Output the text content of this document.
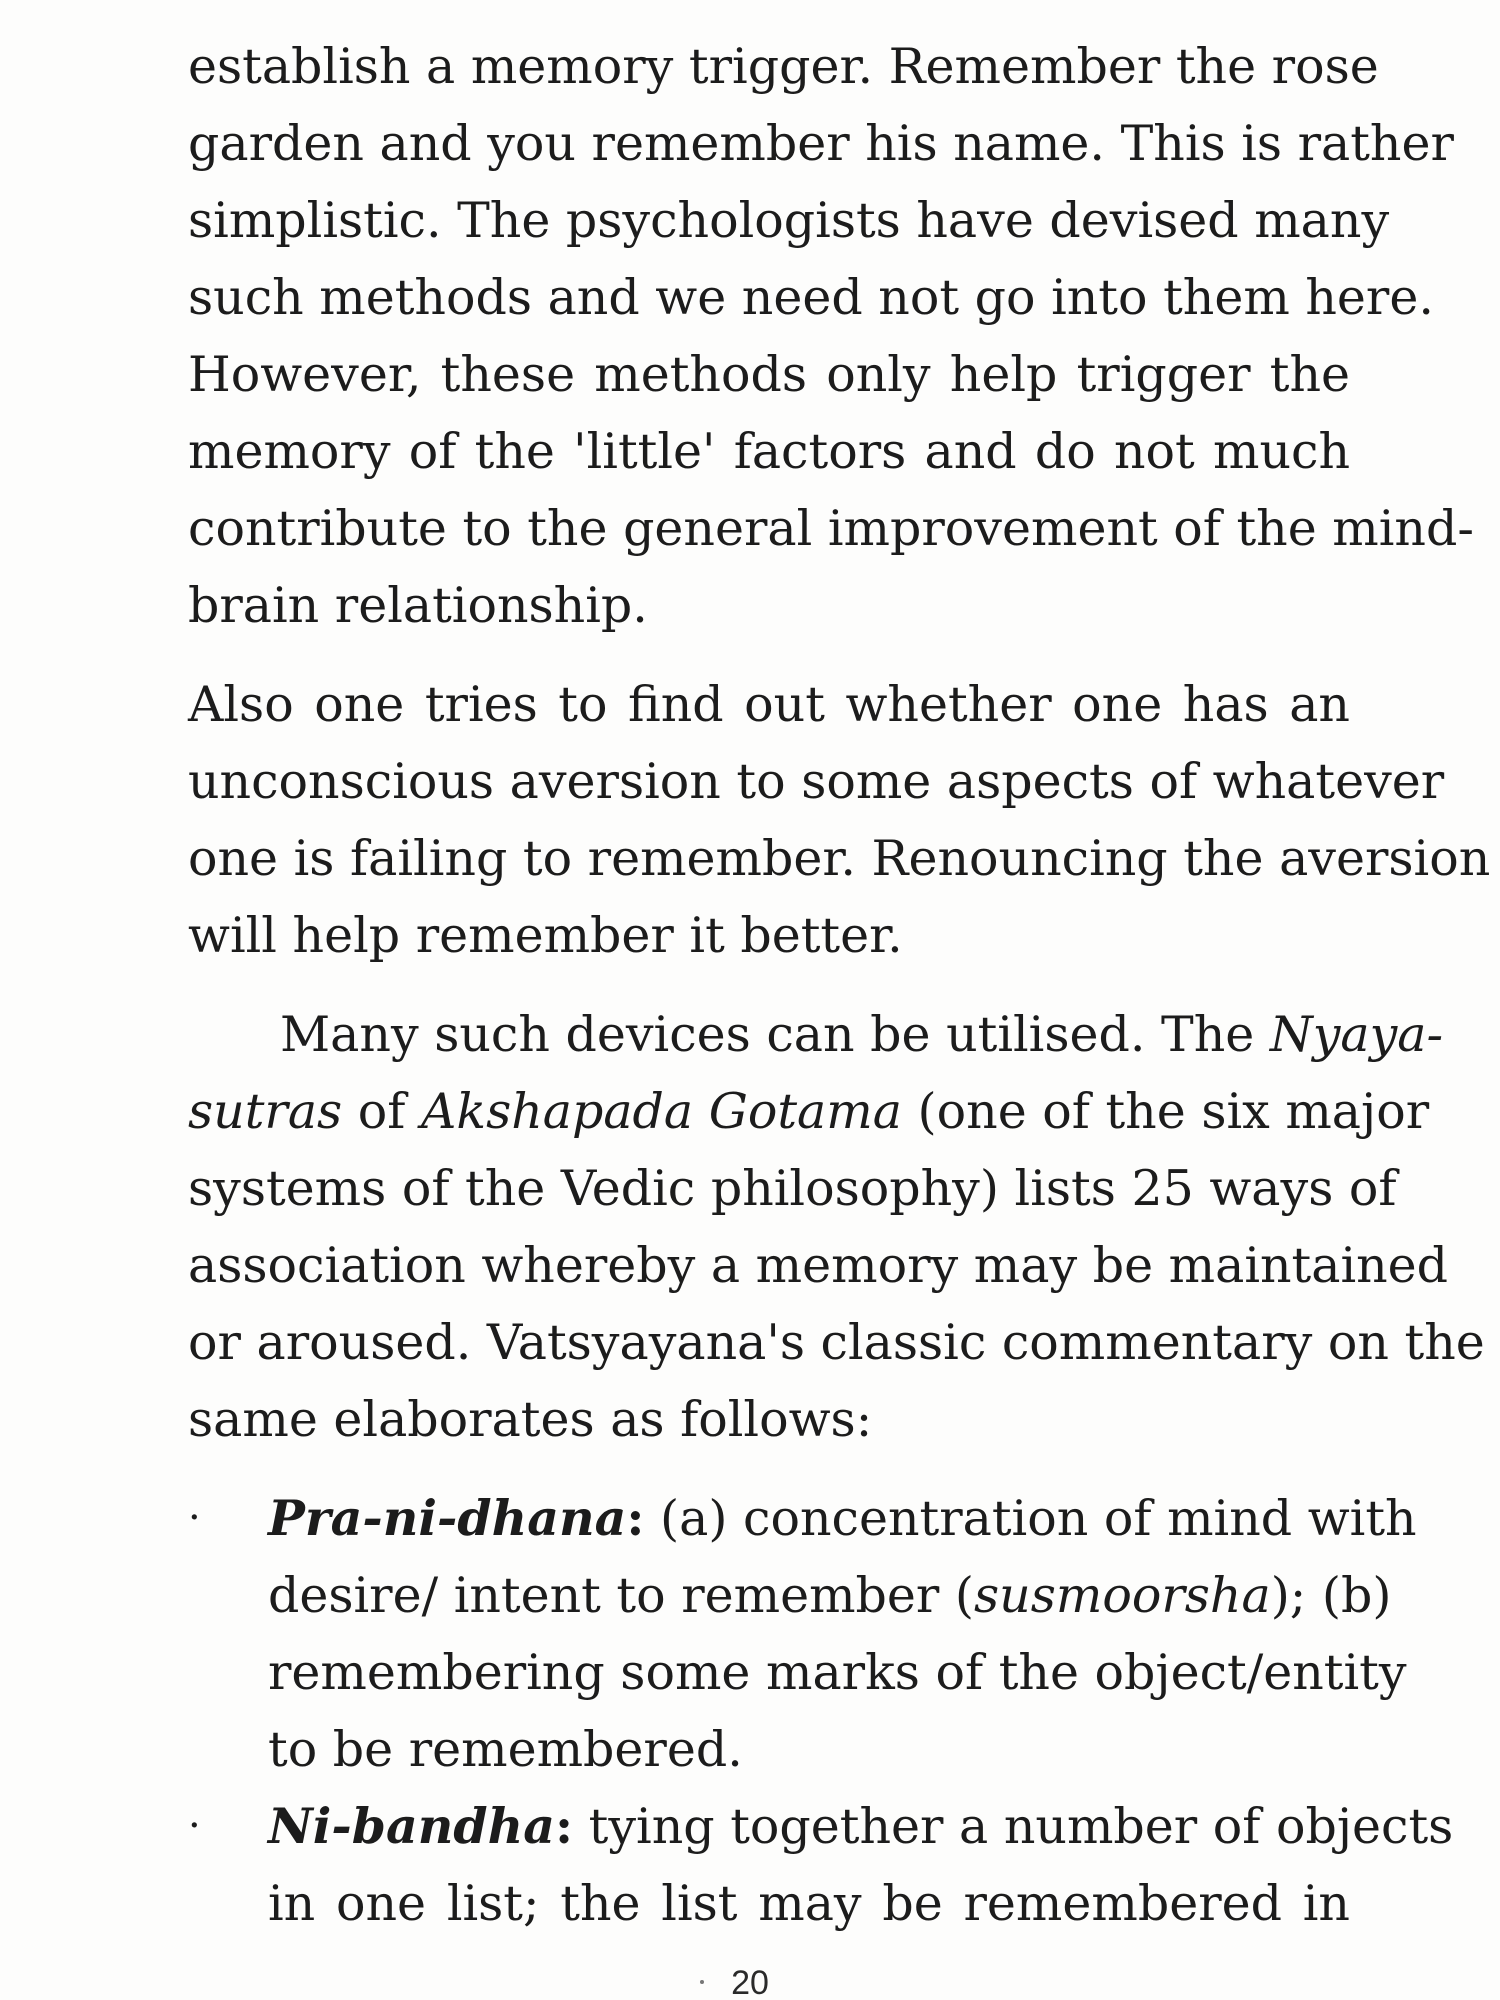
establish a memory trigger. Remember the rose
garden and you remember his name. This is rather
simplistic. The psychologists have devised many
such methods and we need not go into them here.
However, these methods only help trigger the
memory of the 'little' factors and do not much
contribute to the general improvement of the mind-
brain relationship.
Also one tries to find out whether one has an
unconscious aversion to some aspects of whatever
one is failing to remember. Renouncing the aversion
will help remember it better.
Many such devices can be utilised. The Nyaya-
sutras of Akshapada Gotama (one of the six major
systems of the Vedic philosophy) lists 25 ways of
association whereby a memory may be maintained
or aroused. Vatsyayana's classic commentary on the
same elaborates as follows:
· Pra-ni-dhana: (a) concentration of mind with
desire/ intent to remember (susmoorsha); (b)
remembering some marks of the object/entity
to be remembered.
· Ni-bandha: tying together a number of objects
in one list; the list may be remembered in
20
